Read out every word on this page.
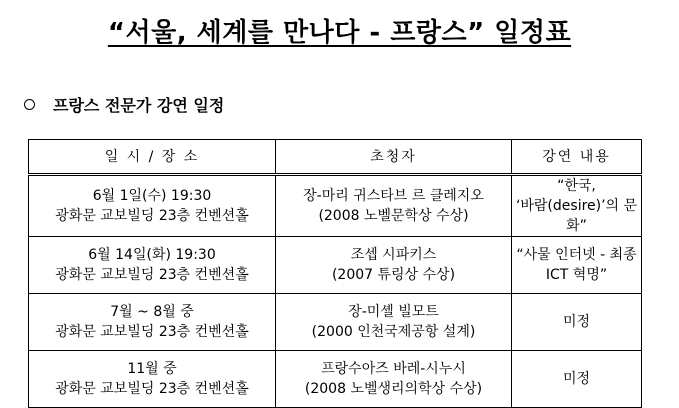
“서울, 세계를 만나다 - 프랑스” 일정표
프랑스 전문가 강연 일정
일 시 / 장 소	초청자	강연 내용

6월 1일(수) 19:30
광화문 교보빌딩 23층 컨벤션홀	장-마리 귀스타브 르 클레지오
(2008 노벨문학상 수상)	“한국,
‘바람(desire)’의 문화”

6월 14일(화) 19:30
광화문 교보빌딩 23층 컨벤션홀	조셉 시파키스
(2007 튜링상 수상)	“사물 인터넷 - 최종
ICT 혁명”

7월 ~ 8월 중
광화문 교보빌딩 23층 컨벤션홀	장-미셸 빌모트
(2000 인천국제공항 설계)	미정

11월 중
광화문 교보빌딩 23층 컨벤션홀	프랑수아즈 바레-시누시
(2008 노벨생리의학상 수상)	미정
